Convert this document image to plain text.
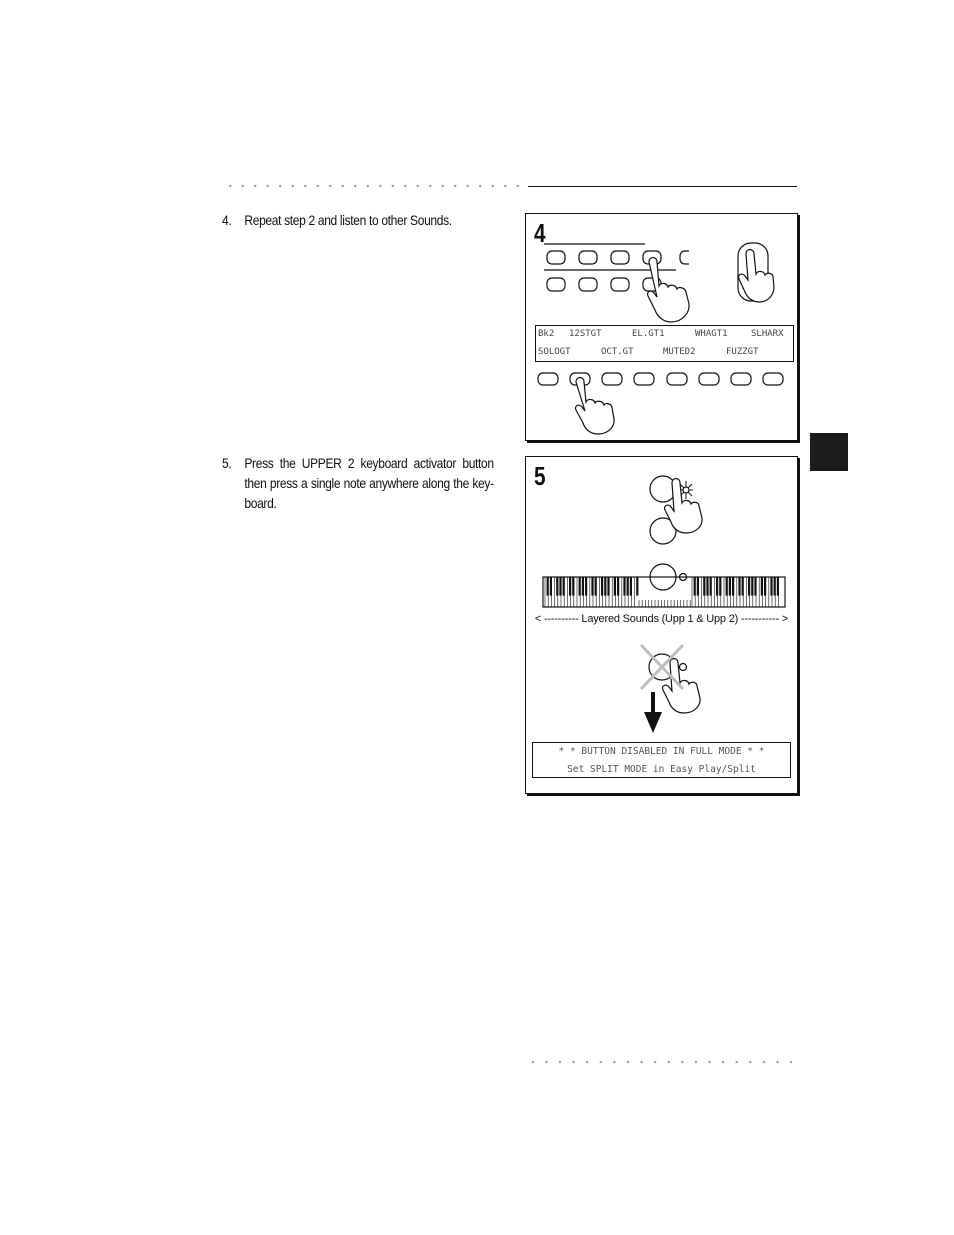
4. Repeat step 2 and listen to other Sounds.
5. Press the UPPER 2 keyboard activator button then press a single note anywhere along the key-board.
4
Bk2 12STGT	EL.GT1	WHAGT1	SLHARX
SOLOGT	OCT.GT	MUTED2	FUZZGT
5
< ---------- Layered Sounds (Upp 1 & Upp 2) ----------- >
* * BUTTON DISABLED IN FULL MODE * *
Set SPLIT MODE in Easy Play/Split
